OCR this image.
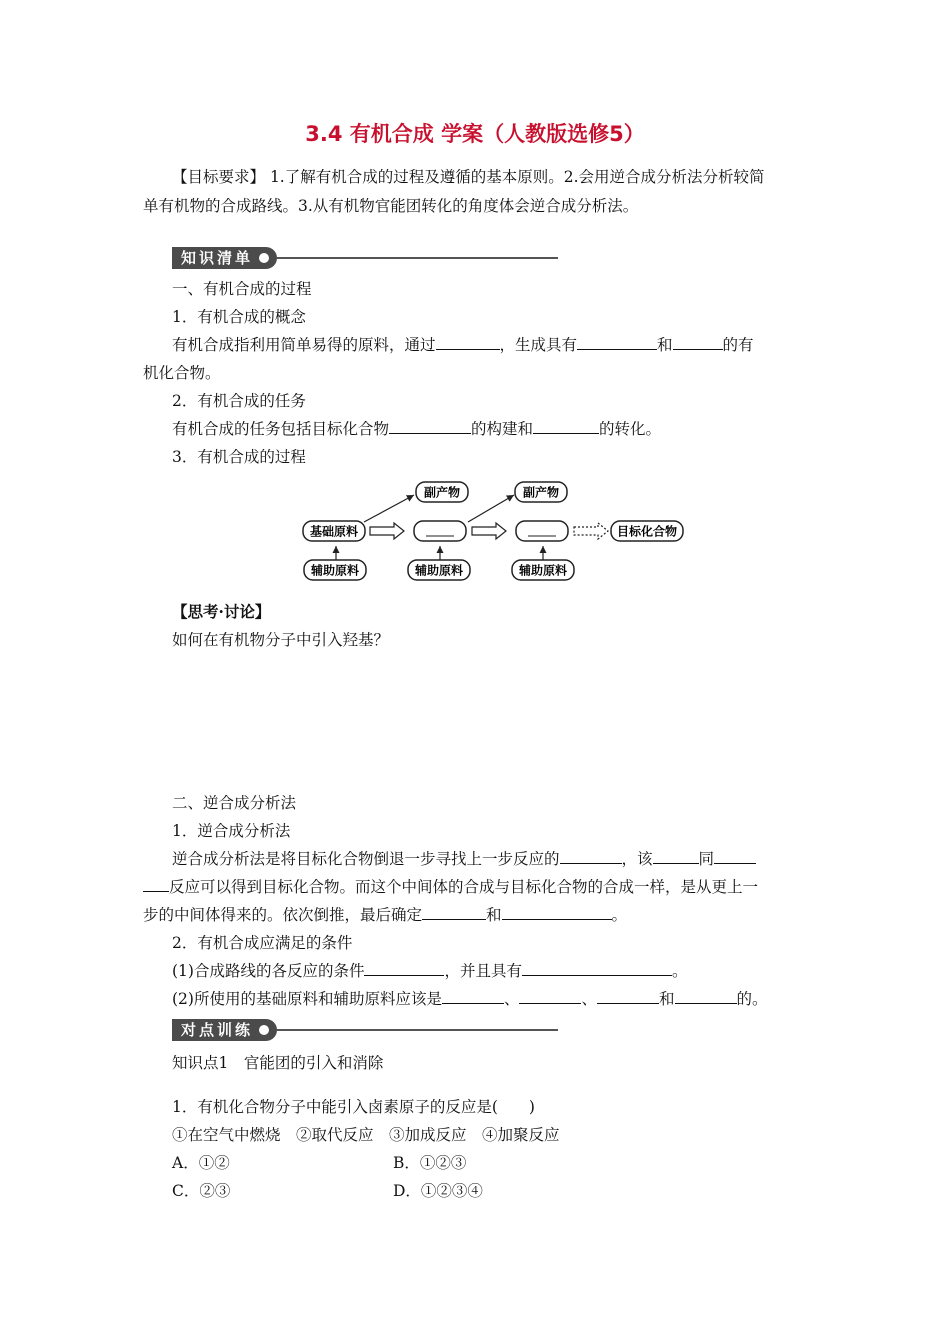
3.4 有机合成 学案（人教版选修5）
【目标要求】 1.了解有机合成的过程及遵循的基本原则。2.会用逆合成分析法分析较简
单有机物的合成路线。3.从有机物官能团转化的角度体会逆合成分析法。
知识清单
一、有机合成的过程
1．有机合成的概念
有机合成指利用简单易得的原料，通过	，生成具有	和	的有
机化合物。
2．有机合成的任务
有机合成的任务包括目标化合物	的构建和	的转化。
3．有机合成的过程
副产物	副产物
基础原料	目标化合物
辅助原料	辅助原料	辅助原料
【思考·讨论】
如何在有机物分子中引入羟基？
二、逆合成分析法
1．逆合成分析法
逆合成分析法是将目标化合物倒退一步寻找上一步反应的	，该	同
反应可以得到目标化合物。而这个中间体的合成与目标化合物的合成一样，是从更上一
步的中间体得来的。依次倒推，最后确定	和	。
2．有机合成应满足的条件
(1)合成路线的各反应的条件	，并且具有	。
(2)所使用的基础原料和辅助原料应该是	、	、	和	的。
对点训练
知识点1　官能团的引入和消除
1．有机化合物分子中能引入卤素原子的反应是(　　)
①在空气中燃烧　②取代反应　③加成反应　④加聚反应
A．①②	B．①②③
C．②③	D．①②③④
